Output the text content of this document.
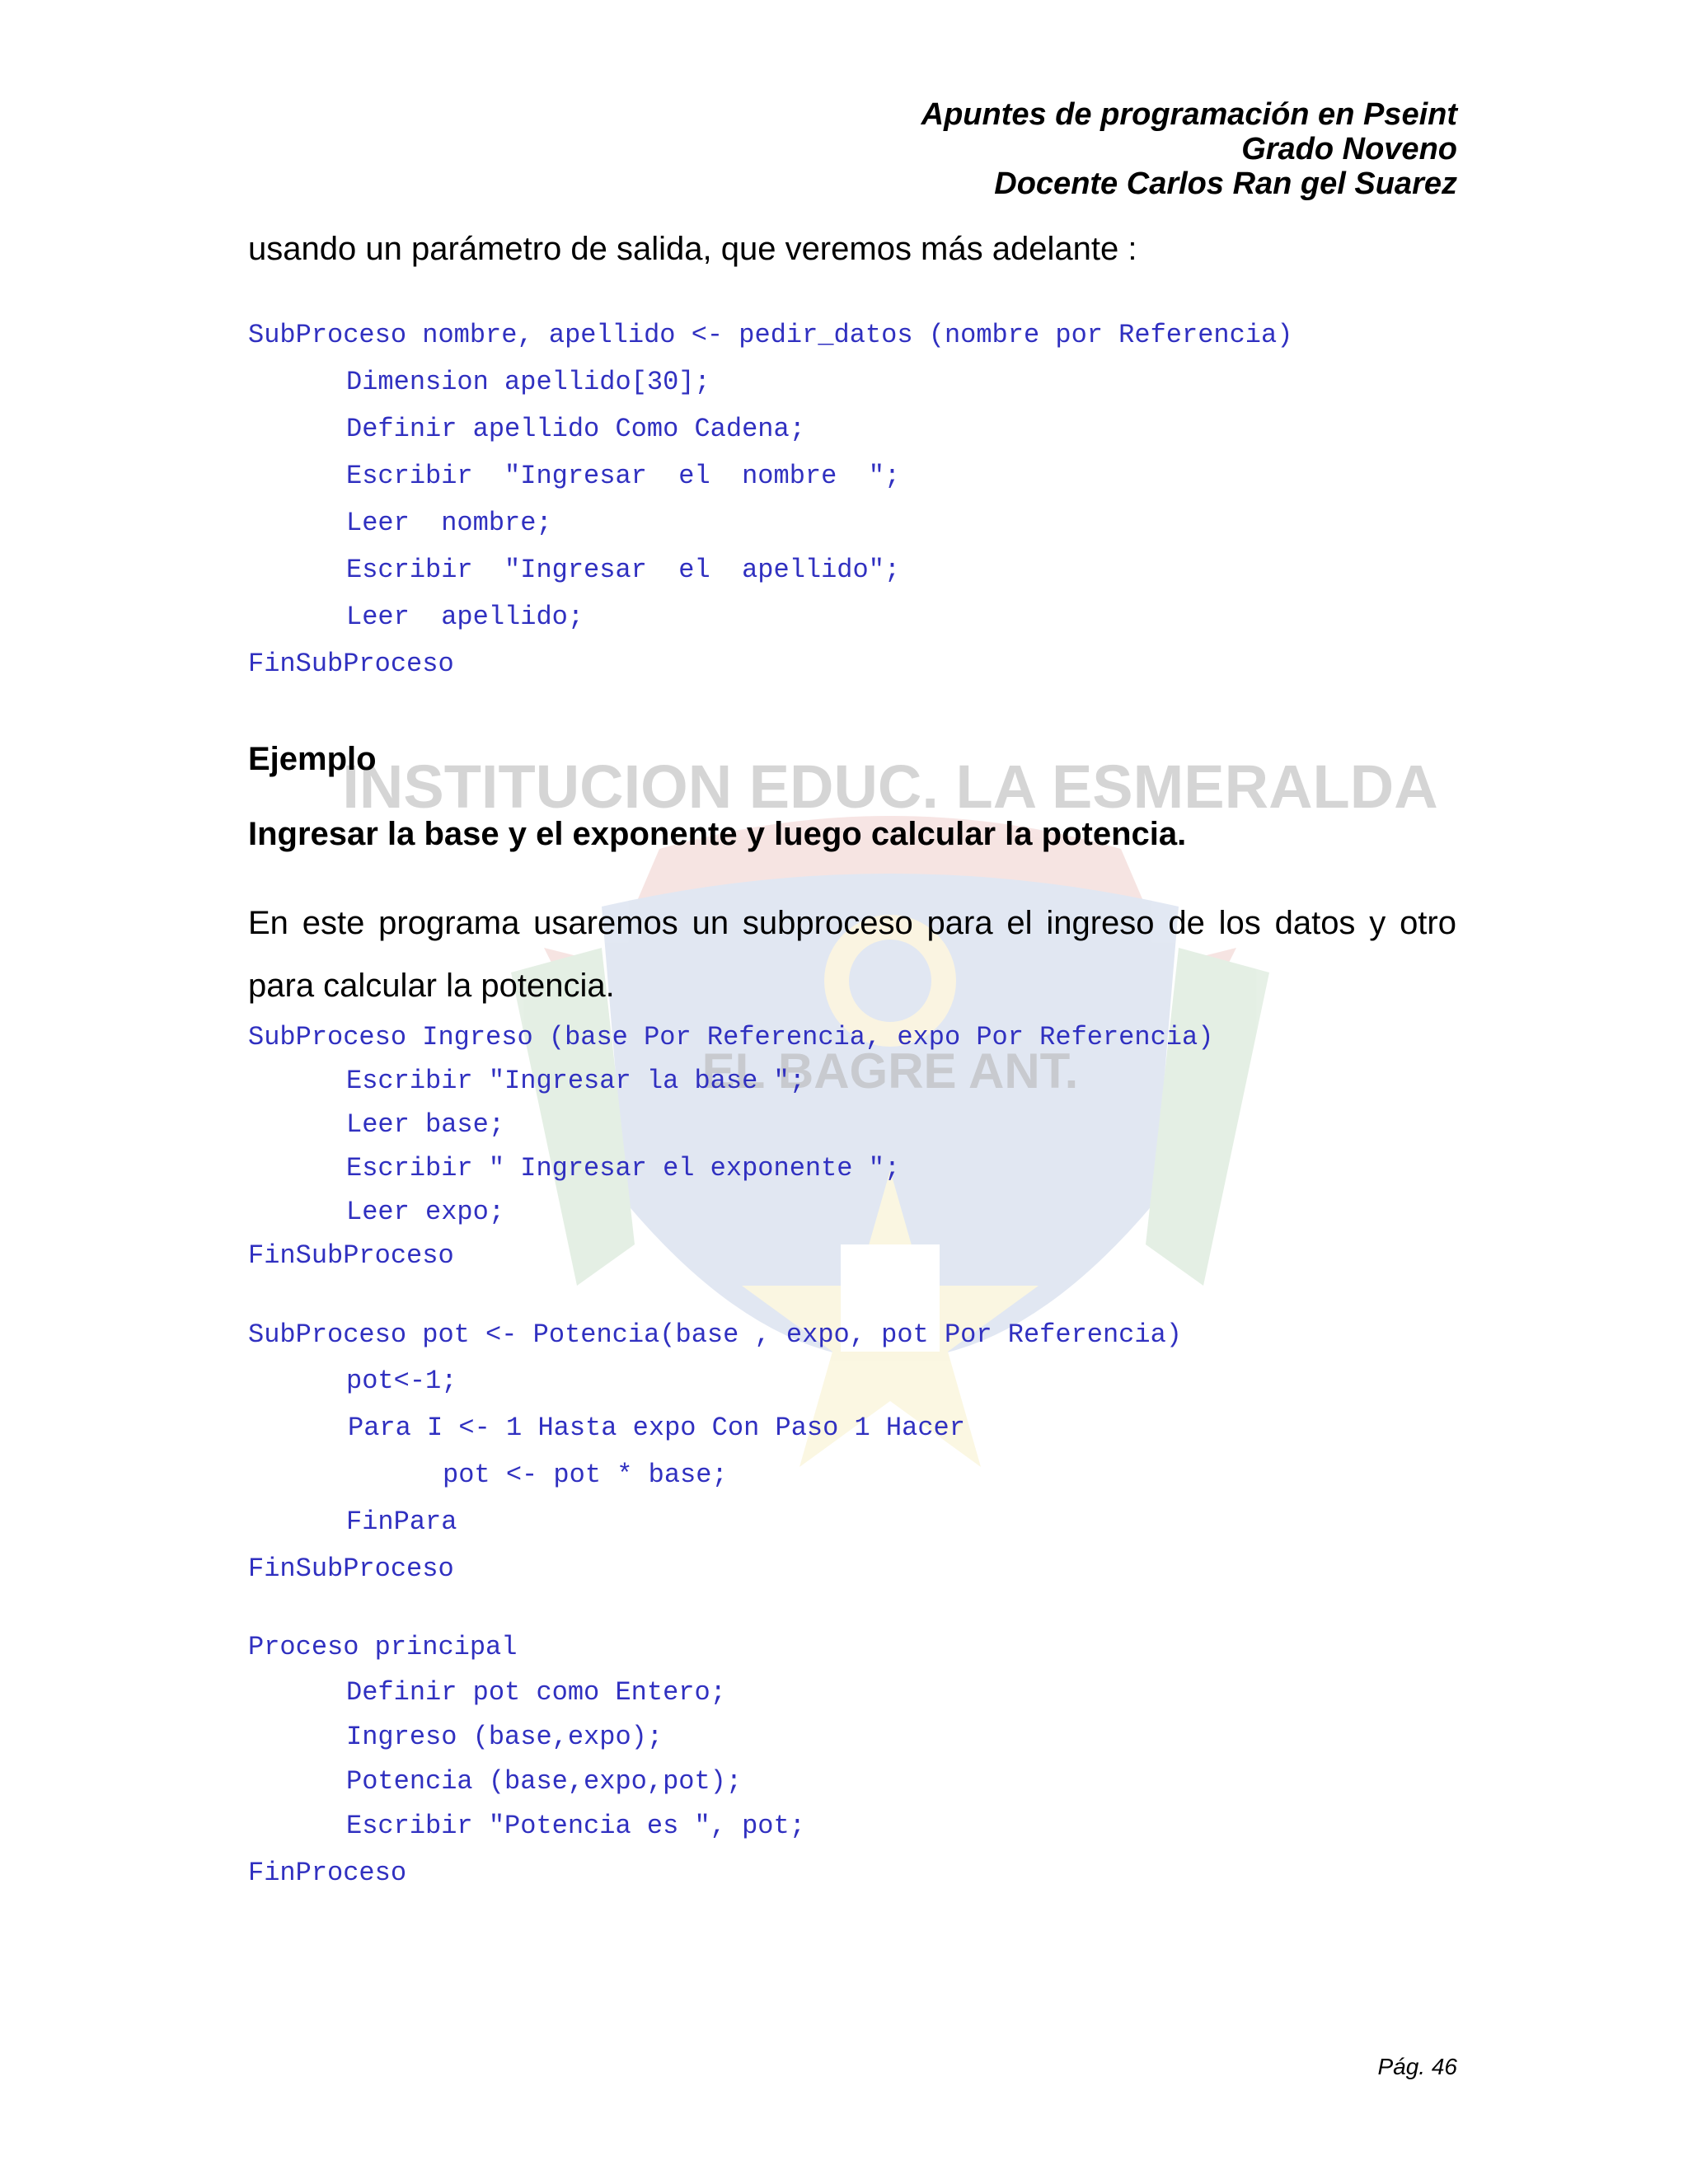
INSTITUCION EDUC. LA ESMERALDA
EL BAGRE ANT.
Apuntes de programación en Pseint
Grado Noveno
Docente Carlos Ran gel Suarez
usando un parámetro de salida, que veremos más adelante :

SubProceso nombre, apellido <- pedir_datos (nombre por Referencia)

Dimension apellido[30];

Definir apellido Como Cadena;

Escribir  "Ingresar  el  nombre  ";

Leer  nombre;

Escribir  "Ingresar  el  apellido";

Leer  apellido;

FinSubProceso

Ejemplo
Ingresar la base y el exponente y luego calcular la potencia.
En este programa usaremos un subproceso para el ingreso de los datos y otro para calcular la potencia.

SubProceso Ingreso (base Por Referencia, expo Por Referencia)

Escribir "Ingresar la base ";

Leer base;

Escribir " Ingresar el exponente ";

Leer expo;

FinSubProceso

SubProceso pot <- Potencia(base , expo, pot Por Referencia)

pot<-1;

Para I <- 1 Hasta expo Con Paso 1 Hacer

pot <- pot * base;

FinPara

FinSubProceso

Proceso principal

Definir pot como Entero;

Ingreso (base,expo);

Potencia (base,expo,pot);

Escribir "Potencia es ", pot;

FinProceso

Pág. 46
